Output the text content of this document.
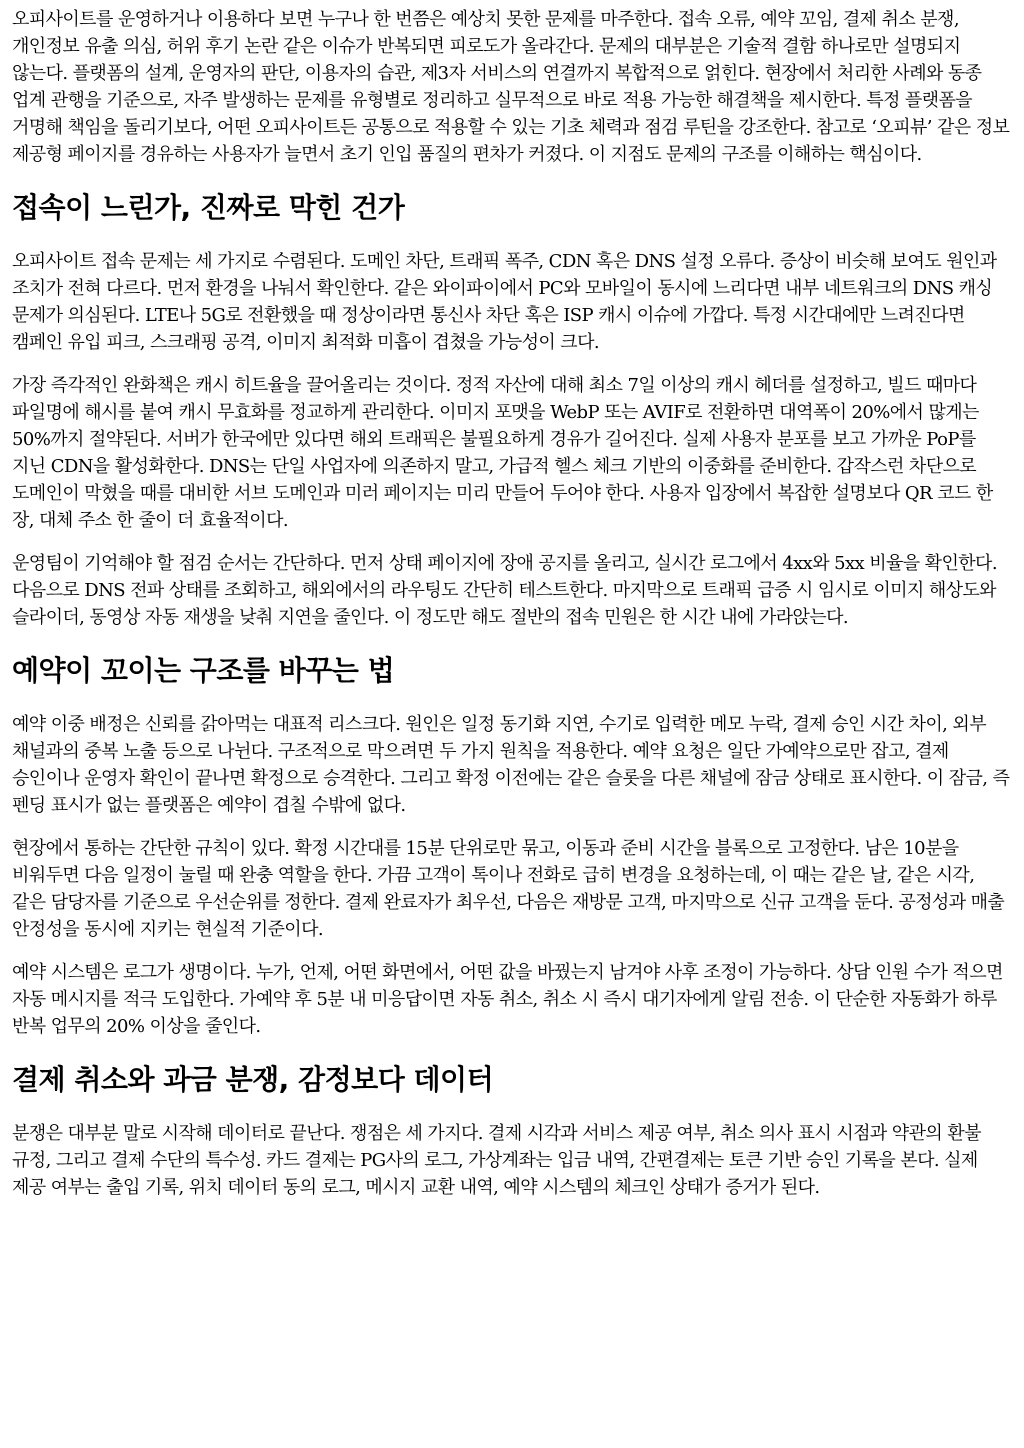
오피사이트를 운영하거나 이용하다 보면 누구나 한 번쯤은 예상치 못한 문제를 마주한다. 접속 오류, 예약 꼬임, 결제 취소 분쟁, 개인정보 유출 의심, 허위 후기 논란 같은 이슈가 반복되면 피로도가 올라간다. 문제의 대부분은 기술적 결함 하나로만 설명되지 않는다. 플랫폼의 설계, 운영자의 판단, 이용자의 습관, 제3자 서비스의 연결까지 복합적으로 얽힌다. 현장에서 처리한 사례와 동종 업계 관행을 기준으로, 자주 발생하는 문제를 유형별로 정리하고 실무적으로 바로 적용 가능한 해결책을 제시한다. 특정 플랫폼을 거명해 책임을 돌리기보다, 어떤 오피사이트든 공통으로 적용할 수 있는 기초 체력과 점검 루틴을 강조한다. 참고로 ‘오피뷰’ 같은 정보 제공형 페이지를 경유하는 사용자가 늘면서 초기 인입 품질의 편차가 커졌다. 이 지점도 문제의 구조를 이해하는 핵심이다.

접속이 느린가, 진짜로 막힌 건가

오피사이트 접속 문제는 세 가지로 수렴된다. 도메인 차단, 트래픽 폭주, CDN 혹은 DNS 설정 오류다. 증상이 비슷해 보여도 원인과 조치가 전혀 다르다. 먼저 환경을 나눠서 확인한다. 같은 와이파이에서 PC와 모바일이 동시에 느리다면 내부 네트워크의 DNS 캐싱 문제가 의심된다. LTE나 5G로 전환했을 때 정상이라면 통신사 차단 혹은 ISP 캐시 이슈에 가깝다. 특정 시간대에만 느려진다면 캠페인 유입 피크, 스크래핑 공격, 이미지 최적화 미흡이 겹쳤을 가능성이 크다.

가장 즉각적인 완화책은 캐시 히트율을 끌어올리는 것이다. 정적 자산에 대해 최소 7일 이상의 캐시 헤더를 설정하고, 빌드 때마다 파일명에 해시를 붙여 캐시 무효화를 정교하게 관리한다. 이미지 포맷을 WebP 또는 AVIF로 전환하면 대역폭이 20%에서 많게는 50%까지 절약된다. 서버가 한국에만 있다면 해외 트래픽은 불필요하게 경유가 길어진다. 실제 사용자 분포를 보고 가까운 PoP를 지닌 CDN을 활성화한다. DNS는 단일 사업자에 의존하지 말고, 가급적 헬스 체크 기반의 이중화를 준비한다. 갑작스런 차단으로 도메인이 막혔을 때를 대비한 서브 도메인과 미러 페이지는 미리 만들어 두어야 한다. 사용자 입장에서 복잡한 설명보다 QR 코드 한 장, 대체 주소 한 줄이 더 효율적이다.

운영팀이 기억해야 할 점검 순서는 간단하다. 먼저 상태 페이지에 장애 공지를 올리고, 실시간 로그에서 4xx와 5xx 비율을 확인한다. 다음으로 DNS 전파 상태를 조회하고, 해외에서의 라우팅도 간단히 테스트한다. 마지막으로 트래픽 급증 시 임시로 이미지 해상도와 슬라이더, 동영상 자동 재생을 낮춰 지연을 줄인다. 이 정도만 해도 절반의 접속 민원은 한 시간 내에 가라앉는다.

예약이 꼬이는 구조를 바꾸는 법

예약 이중 배정은 신뢰를 갉아먹는 대표적 리스크다. 원인은 일정 동기화 지연, 수기로 입력한 메모 누락, 결제 승인 시간 차이, 외부 채널과의 중복 노출 등으로 나뉜다. 구조적으로 막으려면 두 가지 원칙을 적용한다. 예약 요청은 일단 가예약으로만 잡고, 결제 승인이나 운영자 확인이 끝나면 확정으로 승격한다. 그리고 확정 이전에는 같은 슬롯을 다른 채널에 잠금 상태로 표시한다. 이 잠금, 즉 펜딩 표시가 없는 플랫폼은 예약이 겹칠 수밖에 없다.

현장에서 통하는 간단한 규칙이 있다. 확정 시간대를 15분 단위로만 묶고, 이동과 준비 시간을 블록으로 고정한다. 남은 10분을 비워두면 다음 일정이 눌릴 때 완충 역할을 한다. 가끔 고객이 톡이나 전화로 급히 변경을 요청하는데, 이 때는 같은 날, 같은 시각, 같은 담당자를 기준으로 우선순위를 정한다. 결제 완료자가 최우선, 다음은 재방문 고객, 마지막으로 신규 고객을 둔다. 공정성과 매출 안정성을 동시에 지키는 현실적 기준이다.

예약 시스템은 로그가 생명이다. 누가, 언제, 어떤 화면에서, 어떤 값을 바꿨는지 남겨야 사후 조정이 가능하다. 상담 인원 수가 적으면 자동 메시지를 적극 도입한다. 가예약 후 5분 내 미응답이면 자동 취소, 취소 시 즉시 대기자에게 알림 전송. 이 단순한 자동화가 하루 반복 업무의 20% 이상을 줄인다.

결제 취소와 과금 분쟁, 감정보다 데이터

분쟁은 대부분 말로 시작해 데이터로 끝난다. 쟁점은 세 가지다. 결제 시각과 서비스 제공 여부, 취소 의사 표시 시점과 약관의 환불 규정, 그리고 결제 수단의 특수성. 카드 결제는 PG사의 로그, 가상계좌는 입금 내역, 간편결제는 토큰 기반 승인 기록을 본다. 실제 제공 여부는 출입 기록, 위치 데이터 동의 로그, 메시지 교환 내역, 예약 시스템의 체크인 상태가 증거가 된다.
